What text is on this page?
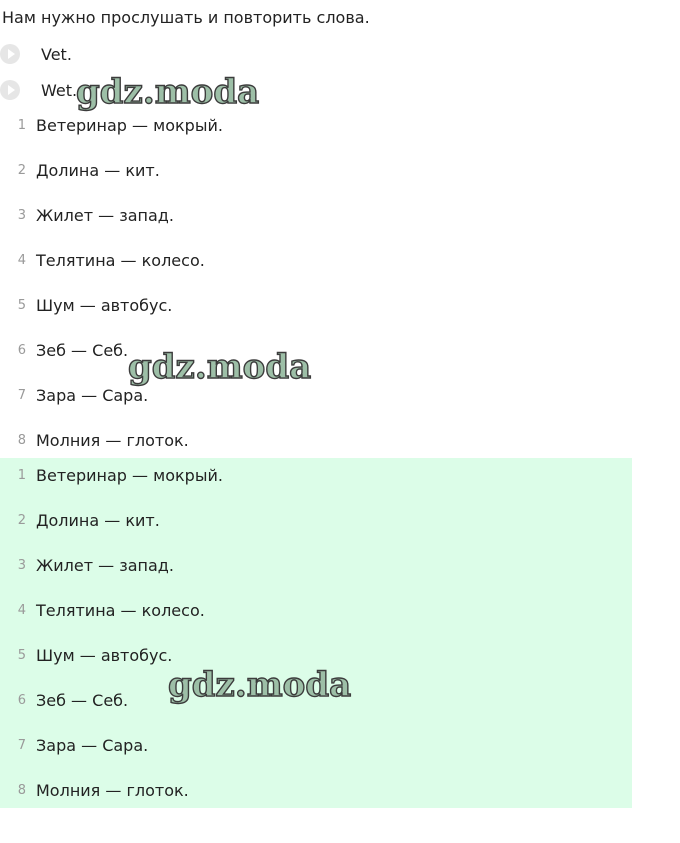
Нам нужно прослушать и повторить слова.
Vet.
Wet.
1 Ветеринар — мокрый.
2 Долина — кит.
3 Жилет — запад.
4 Телятина — колесо.
5 Шум — автобус.
6 Зеб — Себ.
7 Зара — Сара.
8 Молния — глоток.
1 Ветеринар — мокрый.
2 Долина — кит.
3 Жилет — запад.
4 Телятина — колесо.
5 Шум — автобус.
6 Зеб — Себ.
7 Зара — Сара.
8 Молния — глоток.
gdz.moda
gdz.moda
gdz.moda
